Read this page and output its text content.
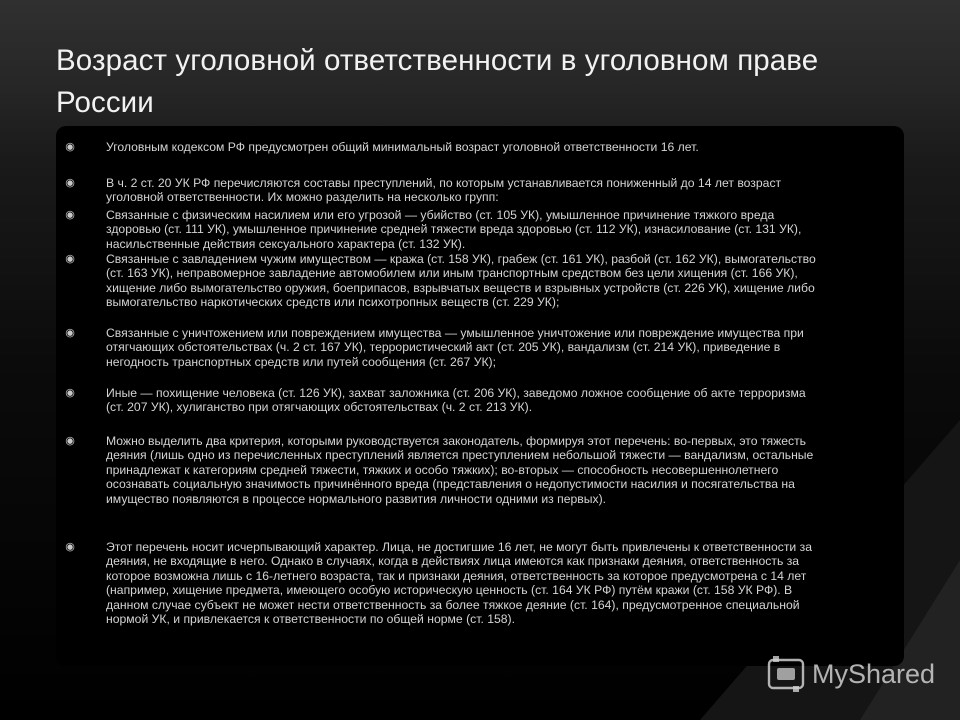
Возраст уголовной ответственности в уголовном праве России
◉	Уголовным кодексом РФ предусмотрен общий минимальный возраст уголовной ответственности 16 лет.
◉	В ч. 2 ст. 20 УК РФ перечисляются составы преступлений, по которым устанавливается пониженный до 14 лет возраст уголовной ответственности. Их можно разделить на несколько групп:
◉	Связанные с физическим насилием или его угрозой — убийство (ст. 105 УК), умышленное причинение тяжкого вреда здоровью (ст. 111 УК), умышленное причинение средней тяжести вреда здоровью (ст. 112 УК), изнасилование (ст. 131 УК), насильственные действия сексуального характера (ст. 132 УК).
◉	Связанные с завладением чужим имуществом — кража (ст. 158 УК), грабеж (ст. 161 УК), разбой (ст. 162 УК), вымогательство (ст. 163 УК), неправомерное завладение автомобилем или иным транспортным средством без цели хищения (ст. 166 УК), хищение либо вымогательство оружия, боеприпасов, взрывчатых веществ и взрывных устройств (ст. 226 УК), хищение либо вымогательство наркотических средств или психотропных веществ (ст. 229 УК);
◉	Связанные с уничтожением или повреждением имущества — умышленное уничтожение или повреждение имущества при отягчающих обстоятельствах (ч. 2 ст. 167 УК), террористический акт (ст. 205 УК), вандализм (ст. 214 УК), приведение в негодность транспортных средств или путей сообщения (ст. 267 УК);
◉	Иные — похищение человека (ст. 126 УК), захват заложника (ст. 206 УК), заведомо ложное сообщение об акте терроризма (ст. 207 УК), хулиганство при отягчающих обстоятельствах (ч. 2 ст. 213 УК).
◉	Можно выделить два критерия, которыми руководствуется законодатель, формируя этот перечень: во-первых, это тяжесть деяния (лишь одно из перечисленных преступлений является преступлением небольшой тяжести — вандализм, остальные принадлежат к категориям средней тяжести, тяжких и особо тяжких); во-вторых — способность несовершеннолетнего осознавать социальную значимость причинённого вреда (представления о недопустимости насилия и посягательства на имущество появляются в процессе нормального развития личности одними из первых).
◉	Этот перечень носит исчерпывающий характер. Лица, не достигшие 16 лет, не могут быть привлечены к ответственности за деяния, не входящие в него. Однако в случаях, когда в действиях лица имеются как признаки деяния, ответственность за которое возможна лишь с 16-летнего возраста, так и признаки деяния, ответственность за которое предусмотрена с 14 лет (например, хищение предмета, имеющего особую историческую ценность (ст. 164 УК РФ) путём кражи (ст. 158 УК РФ). В данном случае субъект не может нести ответственность за более тяжкое деяние (ст. 164), предусмотренное специальной нормой УК, и привлекается к ответственности по общей норме (ст. 158).
MyShared
